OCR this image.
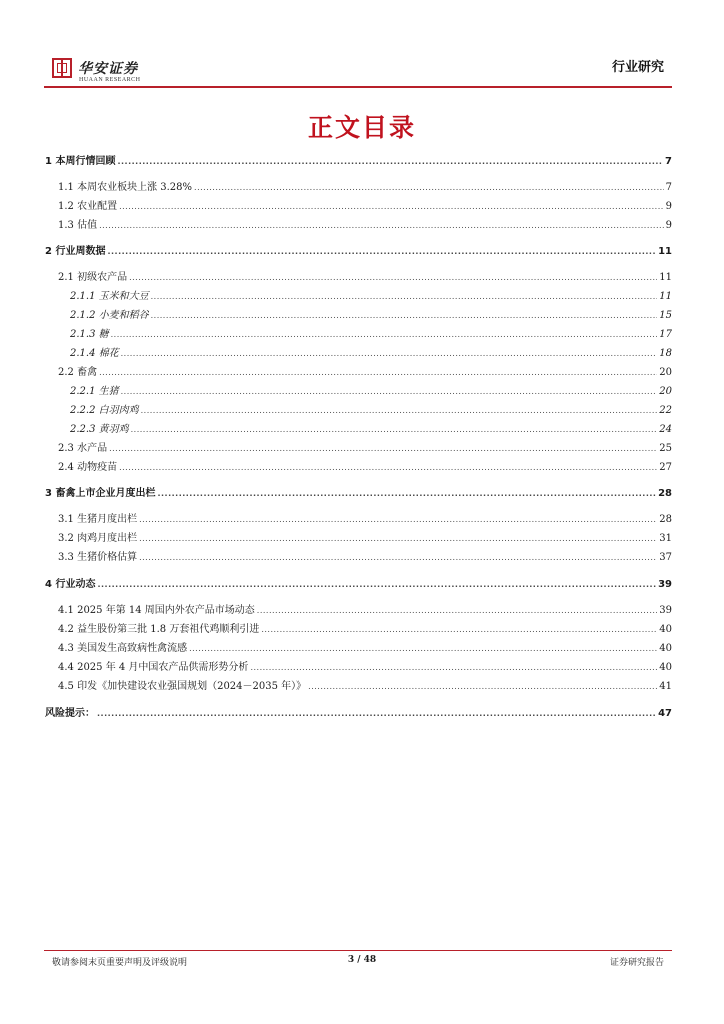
华安证券
HUAAN RESEARCH
行业研究
正文目录
1 本周行情回顾 .....	7
1.1 本周农业板块上涨 3.28% .....	7
1.2 农业配置 .....	9
1.3 估值 .....	9
2 行业周数据 .....	11
2.1 初级农产品 .....	11
2.1.1 玉米和大豆 .....	11
2.1.2 小麦和稻谷 .....	15
2.1.3 糖 .....	17
2.1.4 棉花 .....	18
2.2 畜禽 .....	20
2.2.1 生猪 .....	20
2.2.2 白羽肉鸡 .....	22
2.2.3 黄羽鸡 .....	24
2.3 水产品 .....	25
2.4 动物疫苗 .....	27
3 畜禽上市企业月度出栏 .....	28
3.1 生猪月度出栏 .....	28
3.2 肉鸡月度出栏 .....	31
3.3 生猪价格估算 .....	37
4 行业动态 .....	39
4.1 2025 年第 14 周国内外农产品市场动态 .....	39
4.2 益生股份第三批 1.8 万套祖代鸡顺利引进 .....	40
4.3 美国发生高致病性禽流感 .....	40
4.4 2025 年 4 月中国农产品供需形势分析 .....	40
4.5 印发《加快建设农业强国规划（2024－2035 年）》 .....	41
风险提示： .....	47
敬请参阅末页重要声明及评级说明	3 / 48	证券研究报告
